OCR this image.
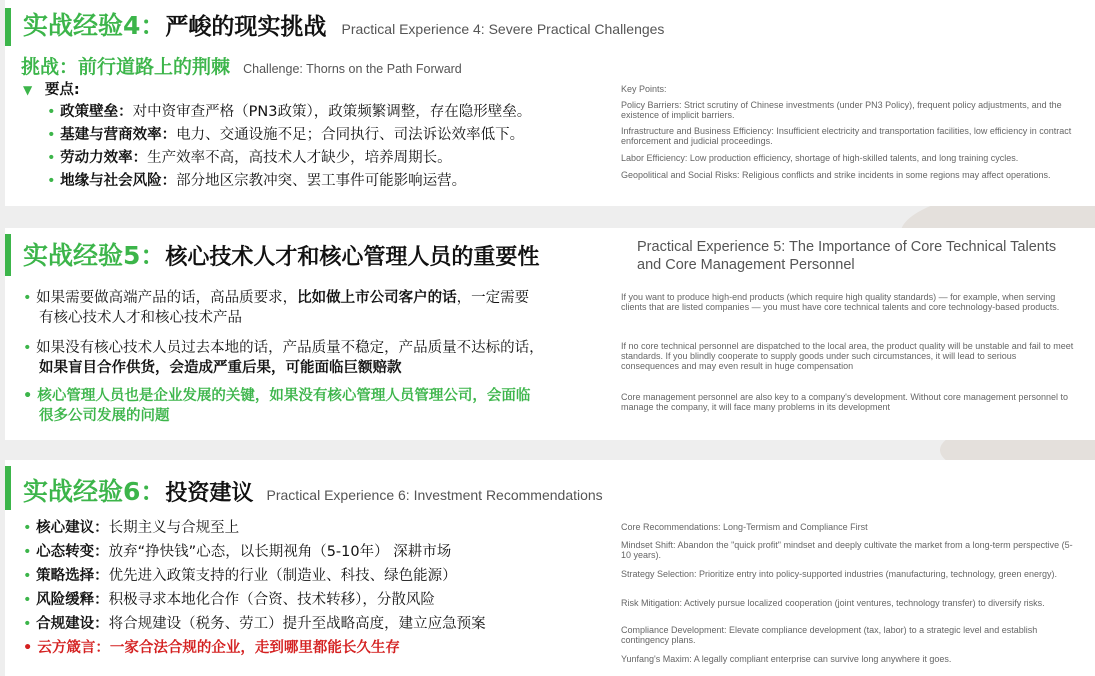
实战经验4：严峻的现实挑战 Practical Experience 4: Severe Practical Challenges
挑战：前行道路上的荆棘 Challenge: Thorns on the Path Forward
▼ 要点:
• 政策壁垒：对中资审查严格（PN3政策），政策频繁调整，存在隐形壁垒。
• 基建与营商效率：电力、交通设施不足；合同执行、司法诉讼效率低下。
• 劳动力效率：生产效率不高，高技术人才缺少，培养周期长。
• 地缘与社会风险：部分地区宗教冲突、罢工事件可能影响运营。
Key Points:
Policy Barriers: Strict scrutiny of Chinese investments (under PN3 Policy), frequent policy adjustments, and the existence of implicit barriers.
Infrastructure and Business Efficiency: Insufficient electricity and transportation facilities, low efficiency in contract enforcement and judicial proceedings.
Labor Efficiency: Low production efficiency, shortage of high-skilled talents, and long training cycles.
Geopolitical and Social Risks: Religious conflicts and strike incidents in some regions may affect operations.
实战经验5：核心技术人才和核心管理人员的重要性	Practical Experience 5: The Importance of Core Technical Talents and Core Management Personnel
• 如果需要做高端产品的话，高品质要求，比如做上市公司客户的话，一定需要
有核心技术人才和核心技术产品
• 如果没有核心技术人员过去本地的话，产品质量不稳定，产品质量不达标的话，
如果盲目合作供货，会造成严重后果，可能面临巨额赔款
• 核心管理人员也是企业发展的关键，如果没有核心管理人员管理公司，会面临
很多公司发展的问题
If you want to produce high-end products (which require high quality standards) — for example, when serving clients that are listed companies — you must have core technical talents and core technology-based products.
If no core technical personnel are dispatched to the local area, the product quality will be unstable and fail to meet standards. If you blindly cooperate to supply goods under such circumstances, it will lead to serious consequences and may even result in huge compensation
Core management personnel are also key to a company's development. Without core management personnel to manage the company, it will face many problems in its development
实战经验6：投资建议 Practical Experience 6: Investment Recommendations
• 核心建议：长期主义与合规至上
• 心态转变：放弃“挣快钱”心态，以长期视角（5-10年） 深耕市场
• 策略选择：优先进入政策支持的行业（制造业、科技、绿色能源）
• 风险缓释：积极寻求本地化合作（合资、技术转移），分散风险
• 合规建设：将合规建设（税务、劳工）提升至战略高度，建立应急预案
• 云方箴言：一家合法合规的企业，走到哪里都能长久生存
Core Recommendations: Long-Termism and Compliance First
Mindset Shift: Abandon the "quick profit" mindset and deeply cultivate the market from a long-term perspective (5-10 years).
Strategy Selection: Prioritize entry into policy-supported industries (manufacturing, technology, green energy).
Risk Mitigation: Actively pursue localized cooperation (joint ventures, technology transfer) to diversify risks.
Compliance Development: Elevate compliance development (tax, labor) to a strategic level and establish contingency plans.
Yunfang's Maxim: A legally compliant enterprise can survive long anywhere it goes.
